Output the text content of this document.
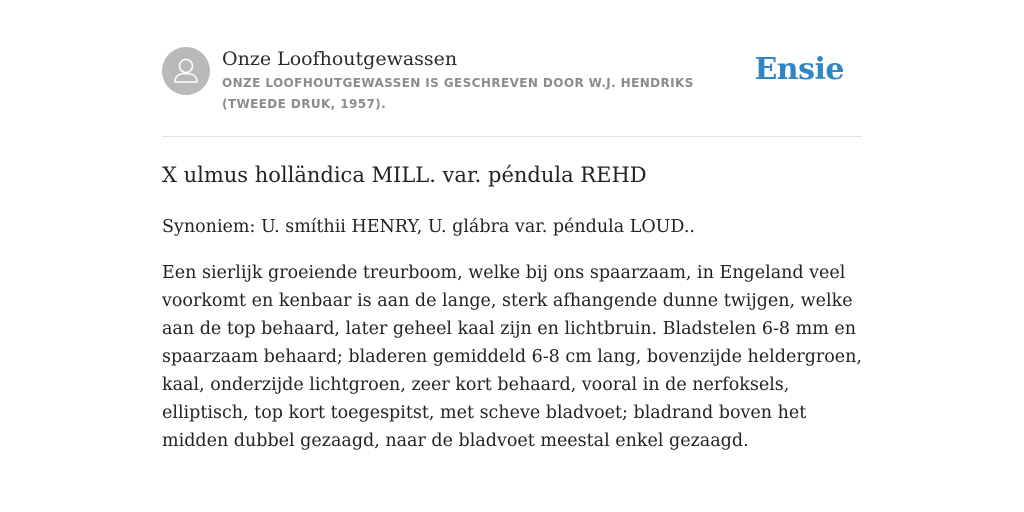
Onze Loofhoutgewassen
ONZE LOOFHOUTGEWASSEN IS GESCHREVEN DOOR W.J. HENDRIKS (TWEEDE DRUK, 1957).
Ensie
X ulmus holländica MILL. var. péndula REHD
Synoniem: U. smíthii HENRY, U. glábra var. péndula LOUD..
Een sierlijk groeiende treurboom, welke bij ons spaarzaam, in Engeland veel voorkomt en kenbaar is aan de lange, sterk afhangende dunne twijgen, welke aan de top behaard, later geheel kaal zijn en lichtbruin. Bladstelen 6-8 mm en spaarzaam behaard; bladeren gemiddeld 6-8 cm lang, bovenzijde heldergroen, kaal, onderzijde lichtgroen, zeer kort behaard, vooral in de nerfoksels, elliptisch, top kort toegespitst, met scheve bladvoet; bladrand boven het midden dubbel gezaagd, naar de bladvoet meestal enkel gezaagd.
